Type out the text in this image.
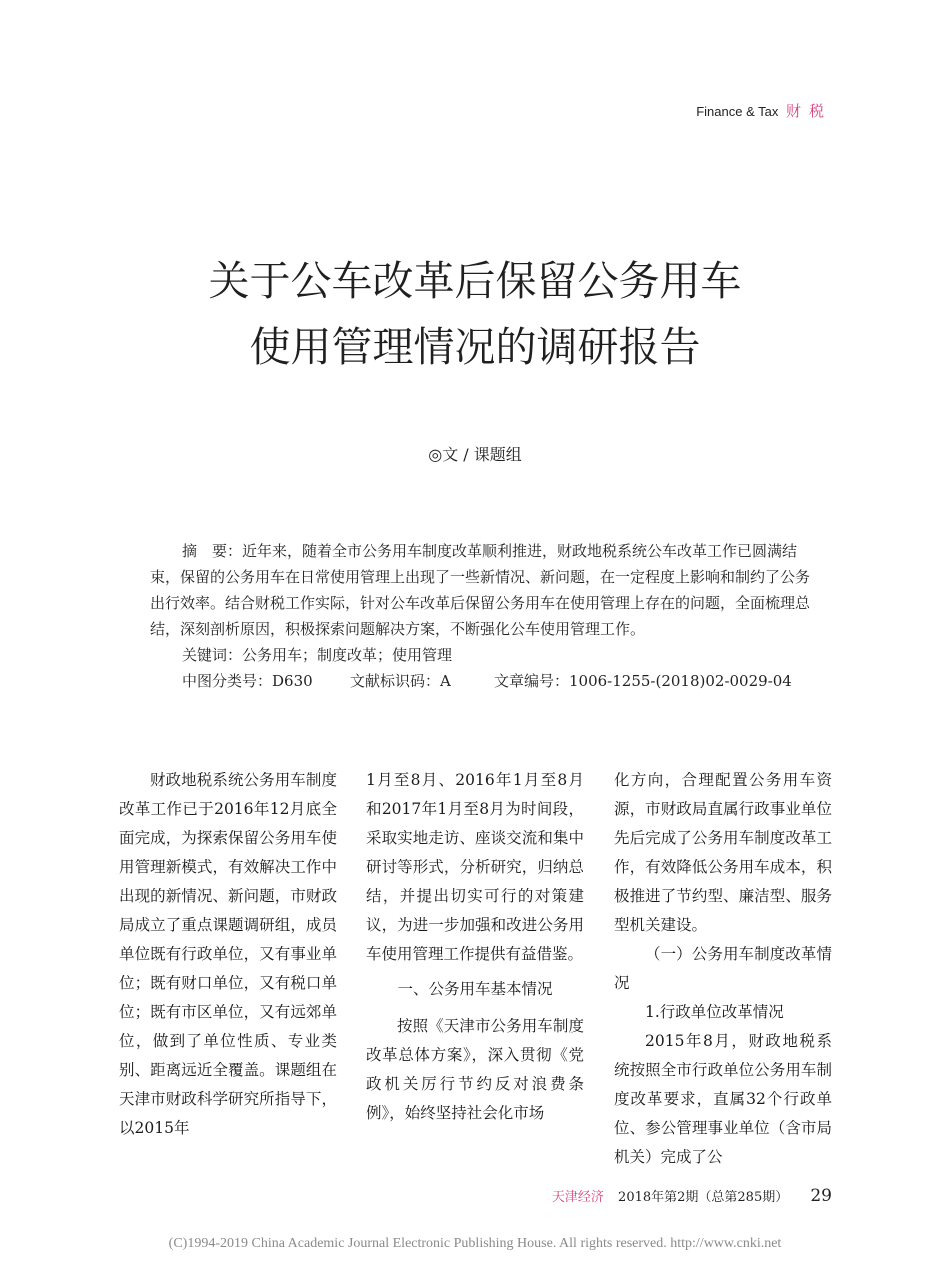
Finance & Tax 财税
关于公车改革后保留公务用车
使用管理情况的调研报告
◎文 / 课题组

摘　要：近年来，随着全市公务用车制度改革顺利推进，财政地税系统公车改革工作已圆满结束，保留的公务用车在日常使用管理上出现了一些新情况、新问题，在一定程度上影响和制约了公务出行效率。结合财税工作实际，针对公车改革后保留公务用车在使用管理上存在的问题，全面梳理总结，深刻剖析原因，积极探索问题解决方案，不断强化公车使用管理工作。

关键词：公务用车；制度改革；使用管理

中图分类号：D630 文献标识码：A	文章编号：1006-1255-(2018)02-0029-04

财政地税系统公务用车制度改革工作已于2016年12月底全面完成，为探索保留公务用车使用管理新模式，有效解决工作中出现的新情况、新问题，市财政局成立了重点课题调研组，成员单位既有行政单位，又有事业单位；既有财口单位，又有税口单位；既有市区单位，又有远郊单位，做到了单位性质、专业类别、距离远近全覆盖。课题组在天津市财政科学研究所指导下，以2015年

1月至8月、2016年1月至8月和2017年1月至8月为时间段，采取实地走访、座谈交流和集中研讨等形式，分析研究，归纳总结，并提出切实可行的对策建议，为进一步加强和改进公务用车使用管理工作提供有益借鉴。

一、公务用车基本情况

按照《天津市公务用车制度改革总体方案》，深入贯彻《党政机关厉行节约反对浪费条例》，始终坚持社会化市场

化方向，合理配置公务用车资源，市财政局直属行政事业单位先后完成了公务用车制度改革工作，有效降低公务用车成本，积极推进了节约型、廉洁型、服务型机关建设。

（一）公务用车制度改革情况

1.行政单位改革情况

2015年8月，财政地税系统按照全市行政单位公务用车制度改革要求，直属32个行政单位、参公管理事业单位（含市局机关）完成了公

天津经济 2018年第2期（总第285期） 29
(C)1994-2019 China Academic Journal Electronic Publishing House. All rights reserved. http://www.cnki.net
